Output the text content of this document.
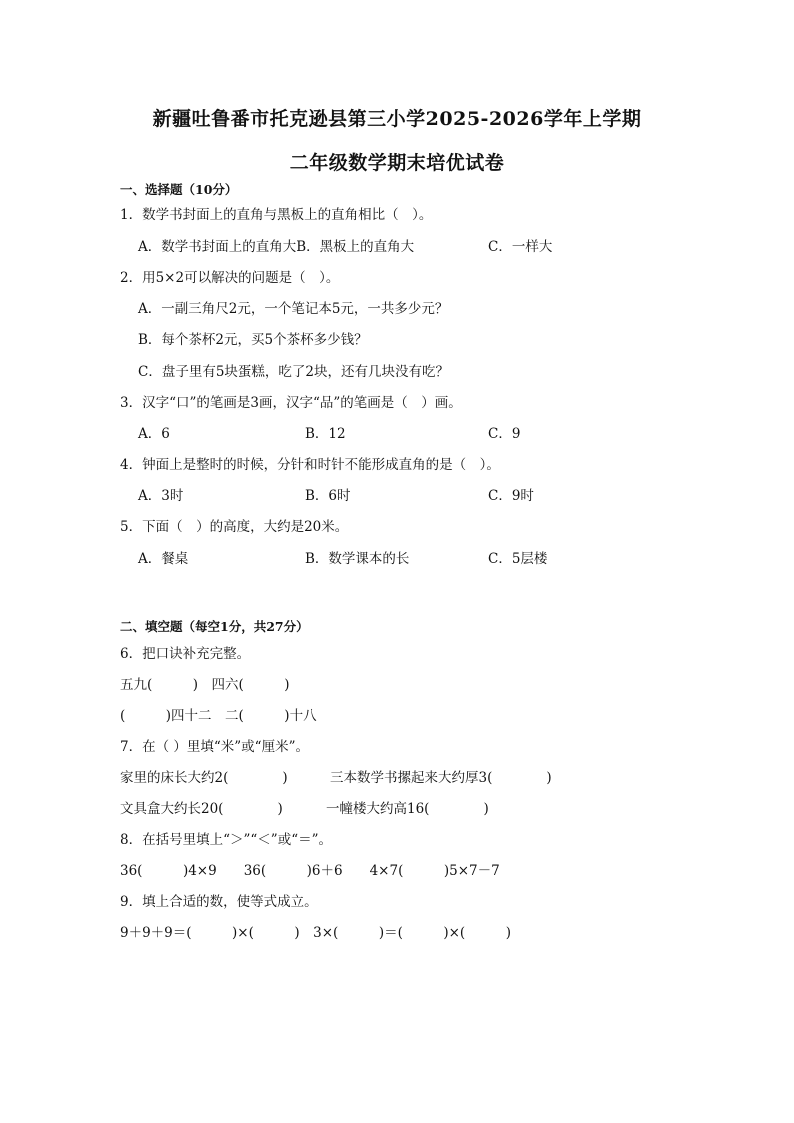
新疆吐鲁番市托克逊县第三小学2025-2026学年上学期
二年级数学期末培优试卷
一、选择题（10分）
1．数学书封面上的直角与黑板上的直角相比（　）。
A．数学书封面上的直角大B．黑板上的直角大	C．一样大
2．用5×2可以解决的问题是（　）。
A．一副三角尺2元，一个笔记本5元，一共多少元？
B．每个茶杯2元，买5个茶杯多少钱？
C．盘子里有5块蛋糕，吃了2块，还有几块没有吃？
3．汉字“口”的笔画是3画，汉字“品”的笔画是（　）画。
A．6	B．12	C．9
4．钟面上是整时的时候，分针和时针不能形成直角的是（　）。
A．3时	B．6时	C．9时
5．下面（　）的高度，大约是20米。
A．餐桌	B．数学课本的长	C．5层楼
二、填空题（每空1分，共27分）
6．把口诀补充完整。
五九(　　　)　四六(　　　)
(　　　)四十二　二(　　　)十八
7．在（ ）里填“米”或“厘米”。
家里的床长大约2(　　　　)	三本数学书摞起来大约厚3(　　　　)
文具盒大约长20(　　　　)	一幢楼大约高16(　　　　)
8．在括号里填上“＞”“＜”或“＝”。
36(　　　)4×9　　36(　　　)6＋6　　4×7(　　　)5×7－7
9．填上合适的数，使等式成立。
9＋9＋9＝(　　　)×(　　　)　3×(　　　)＝(　　　)×(　　　)
